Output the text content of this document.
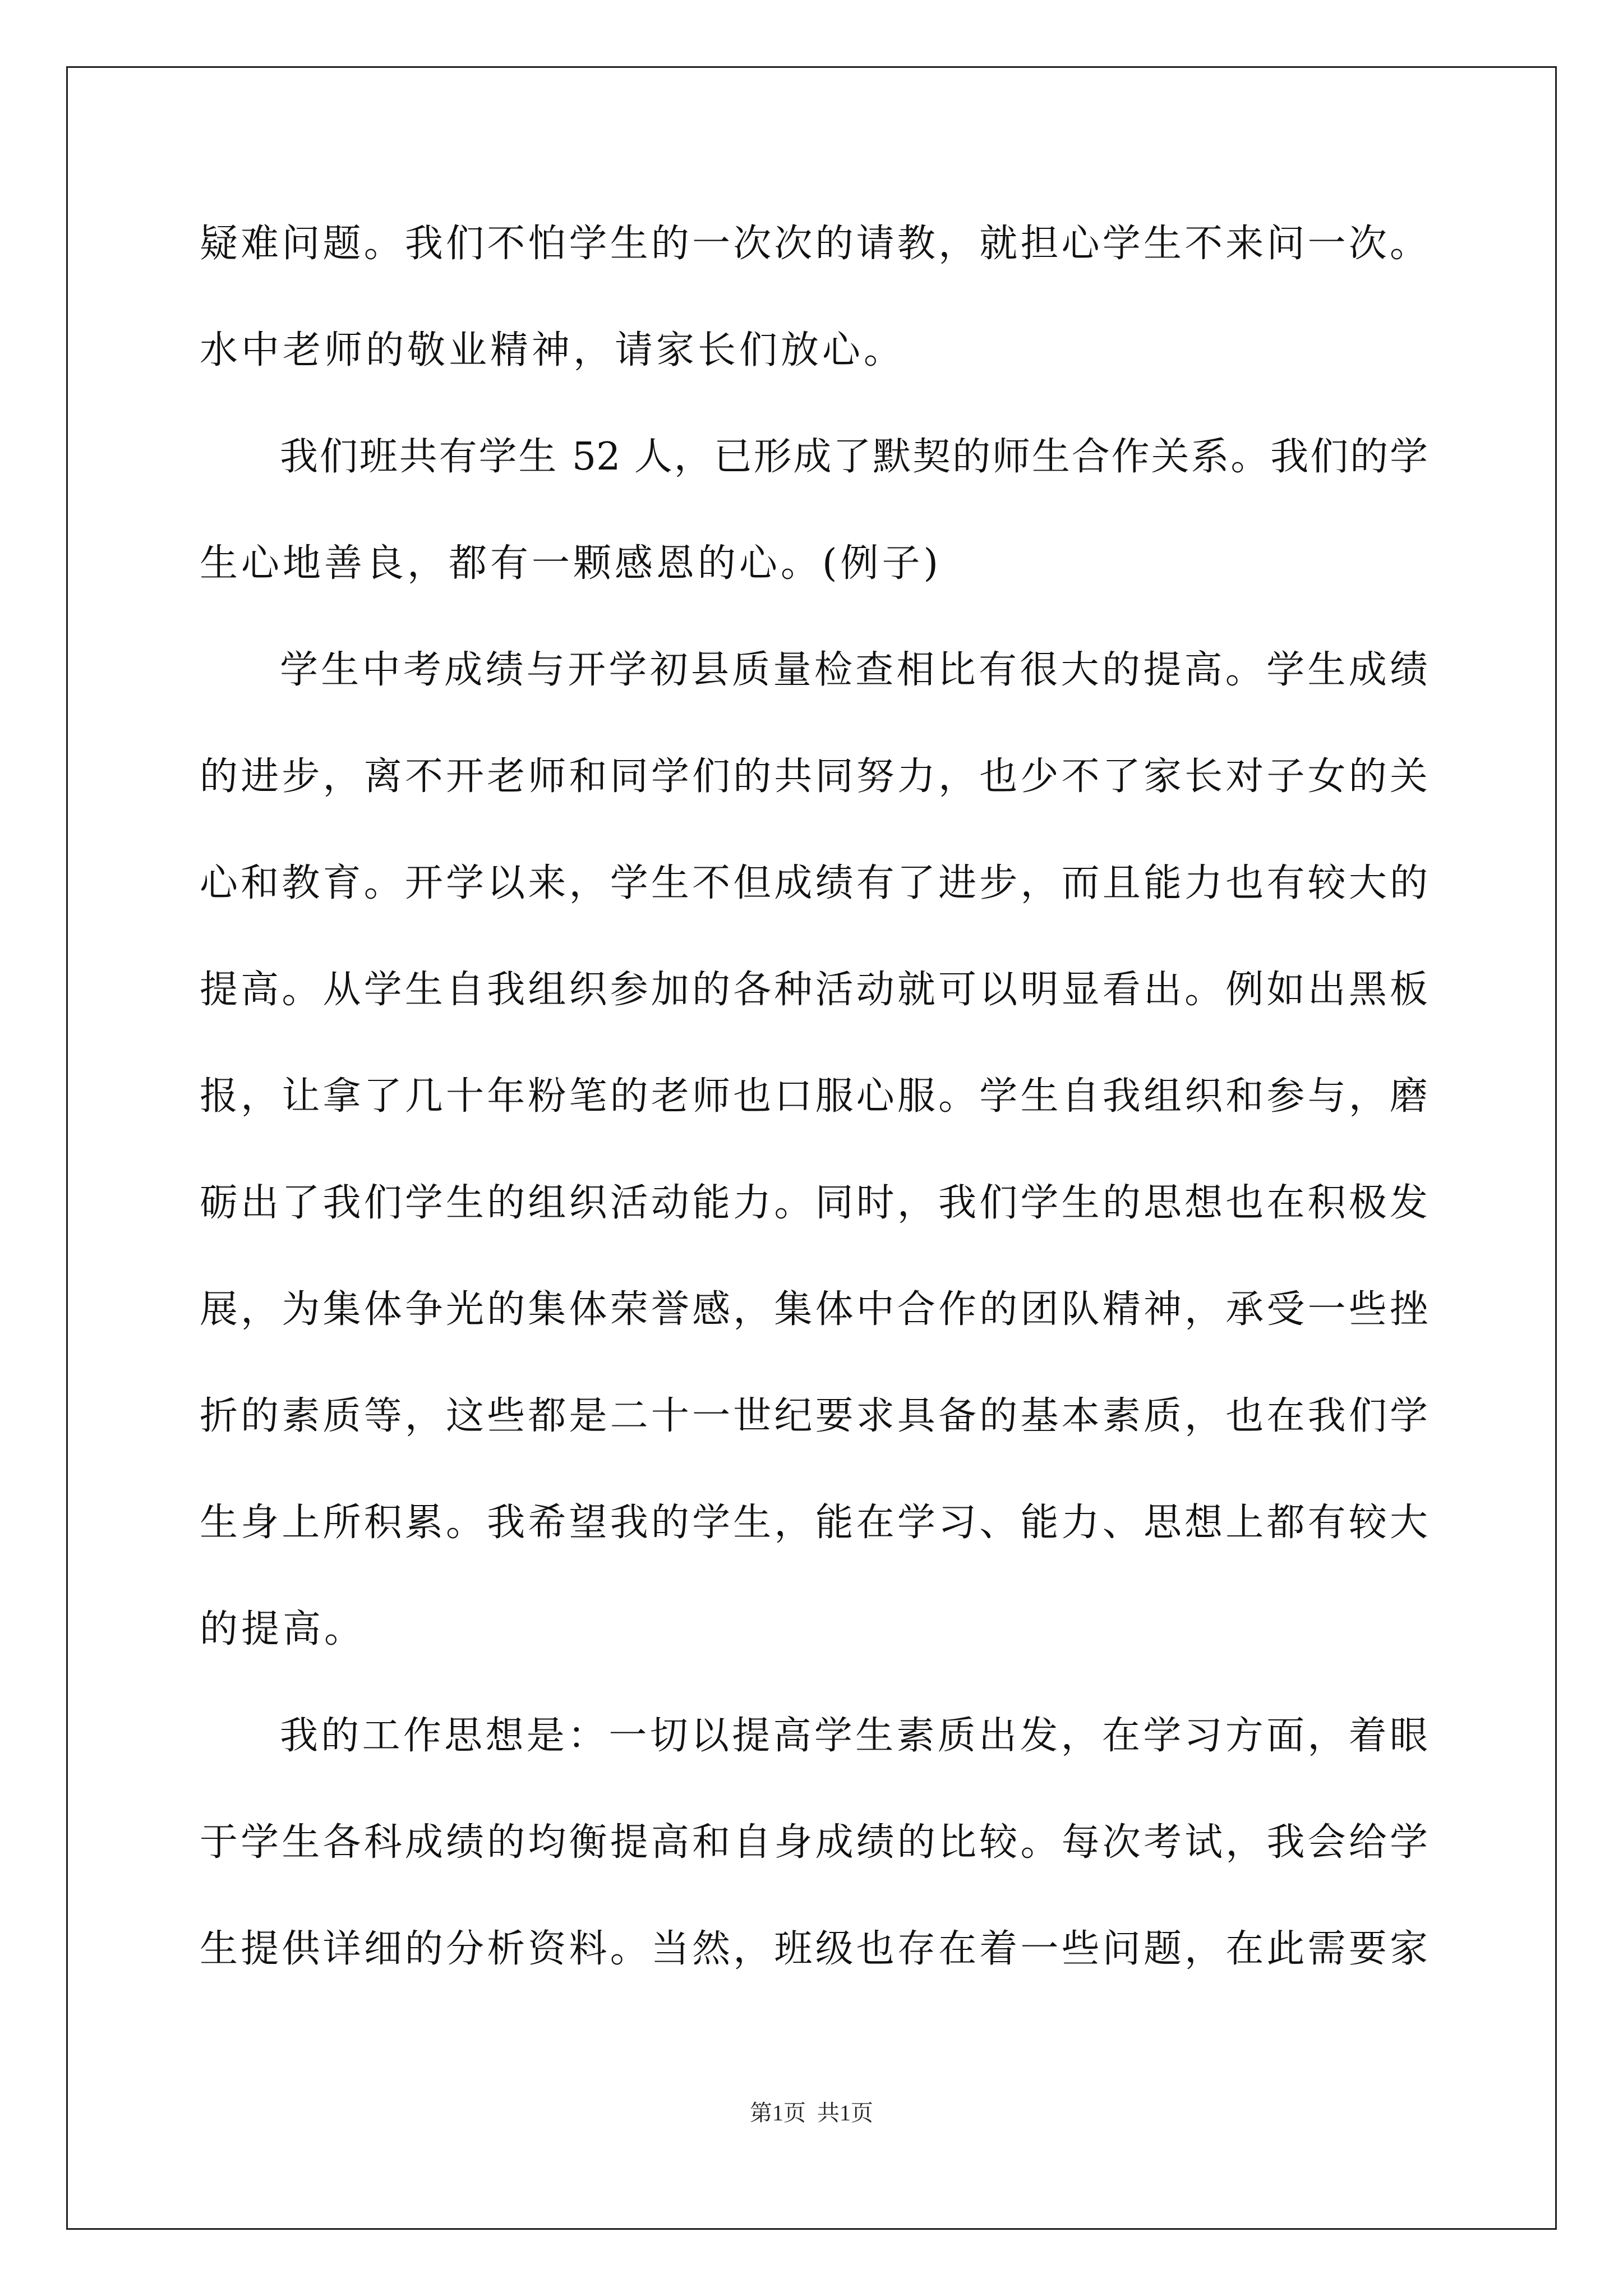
疑难问题。我们不怕学生的一次次的请教，就担心学生不来问一次。
水中老师的敬业精神，请家长们放心。
我们班共有学生 52 人，已形成了默契的师生合作关系。我们的学
生心地善良，都有一颗感恩的心。(例子)
学生中考成绩与开学初县质量检查相比有很大的提高。学生成绩
的进步，离不开老师和同学们的共同努力，也少不了家长对子女的关
心和教育。开学以来，学生不但成绩有了进步，而且能力也有较大的
提高。从学生自我组织参加的各种活动就可以明显看出。例如出黑板
报，让拿了几十年粉笔的老师也口服心服。学生自我组织和参与，磨
砺出了我们学生的组织活动能力。同时，我们学生的思想也在积极发
展，为集体争光的集体荣誉感，集体中合作的团队精神，承受一些挫
折的素质等，这些都是二十一世纪要求具备的基本素质，也在我们学
生身上所积累。我希望我的学生，能在学习、能力、思想上都有较大
的提高。
我的工作思想是：一切以提高学生素质出发，在学习方面，着眼
于学生各科成绩的均衡提高和自身成绩的比较。每次考试，我会给学
生提供详细的分析资料。当然，班级也存在着一些问题，在此需要家
第1页  共1页
